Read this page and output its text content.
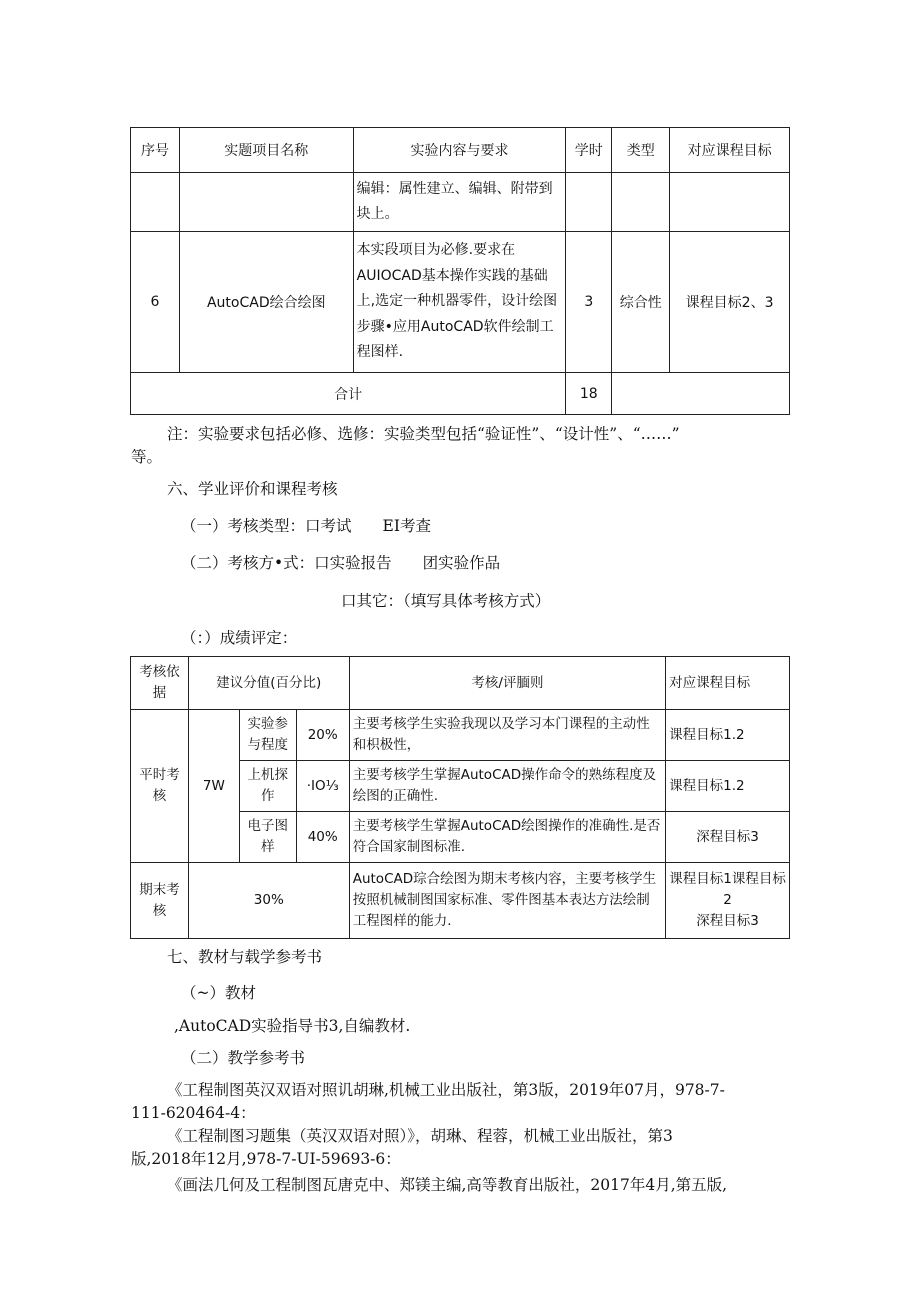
序号	实题项目名称	实验内容与要求	学时	类型	对应课程目标
		编辑：属性建立、编辑、附帯到块上。			
6	AutoCAD绘合绘图	本实段项目为必修.要求在AUIOCAD基本操作实践的基础上,选定一种机器零件，设计绘图步骤•应用AutoCAD软件绘制工程图样.	3	综合性	课程目标2、3
合计			18		
注：实验要求包括必修、选修：实验类型包括“验证性”、“设计性”、“……”
等。
六、学业评价和课程考核
（一）考核类型：口考试　　EI考查
（二）考核方•式：口实验报告　　团实验作品
口其它：（填写具体考核方式）
（：）成绩评定：
考核依据	建议分值(百分比)			考核/评腼则	对应课程目标
平时考核	7W	实验参与程度	20%	主要考核学生实验我现以及学习本门课程的主动性和枳极性，	课程目标1.2
		上机探作	·IO⅓	主要考核学生掌握AutoCAD操作命令的熟练程度及绘图的正确性.	课程目标1.2
		电子图样	40%	主要考核学生掌握AutoCAD绘图操作的准确性.是否符合国家制图标准.	深程目标3
期末考核	30%			AutoCAD琮合绘图为期末考核内容，主要考核学生按照机械制图国家标准、零件图基本表达方法绘制工程图样的能力.	课程目标1课程目标2
深程目标3
七、教材与载学参考书
（~）教材
,AutoCAD实验指导书3,自编教材.
（二）教学参考书
《工程制图英汉双语对照讥胡琳,机械工业出版社，第3版，2019年07月，978-7-
111-620464-4：
《工程制图习题集（英汉双语对照）》，胡琳、程蓉，机械工业出版社，第3
版,2018年12月,978-7-UI-59693-6：
《画法几何及工程制图瓦唐克中、郑镁主编,高等教育出版社，2017年4月,第五版,
